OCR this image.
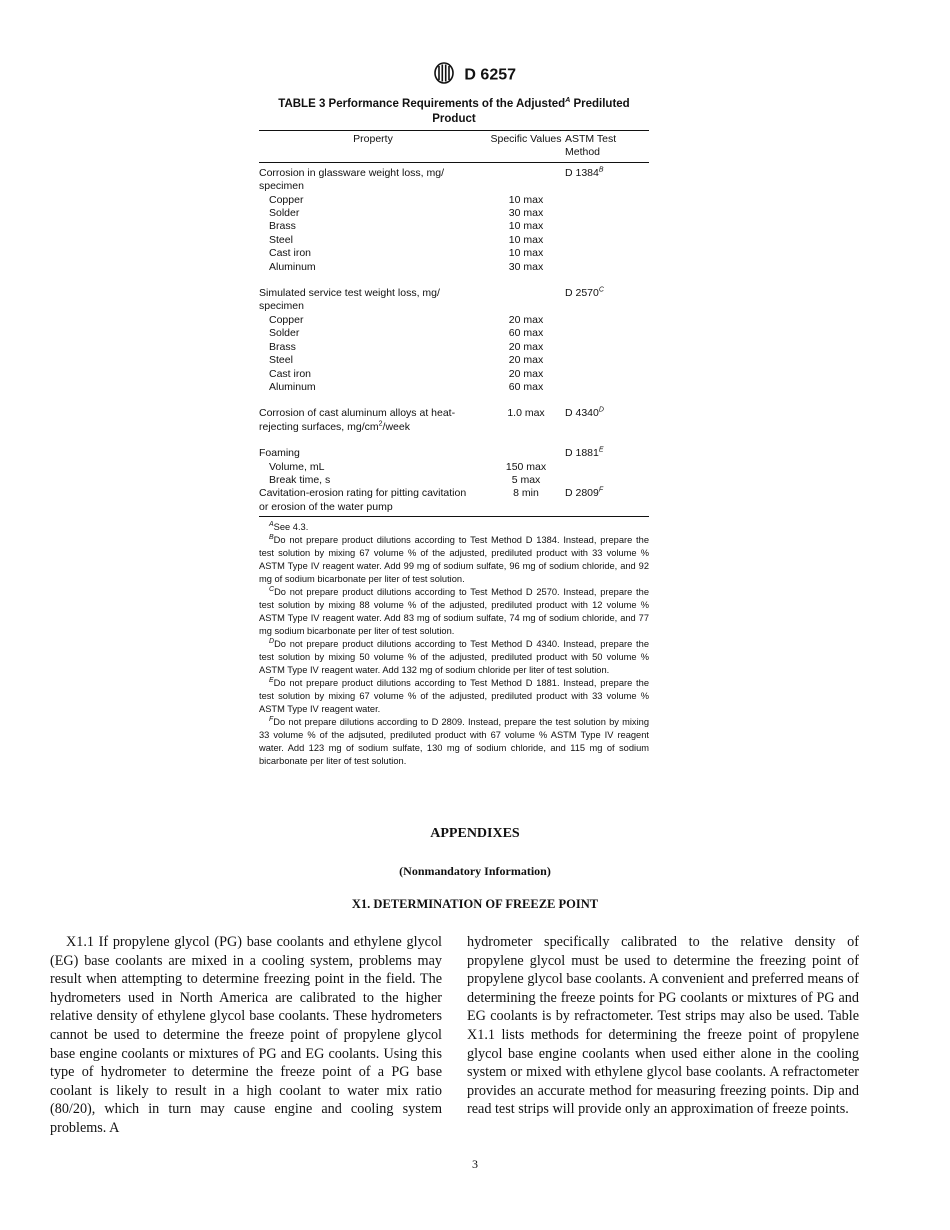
D 6257
TABLE 3 Performance Requirements of the Adjusted$^A$ Prediluted
Product
Property	Specific Values	ASTM Test
Method
Corrosion in glassware weight loss, mg/
specimen		D $1384^B$
Copper	10 max	
Solder	30 max	
Brass	10 max	
Steel	10 max	
Cast iron	10 max	
Aluminum	30 max	
Simulated service test weight loss, mg/
specimen		D $2570^C$
Copper	20 max	
Solder	60 max	
Brass	20 max	
Steel	20 max	
Cast iron	20 max	
Aluminum	60 max	
Corrosion of cast aluminum alloys at heat-
rejecting surfaces, $mg/cm^2$/week	1.0 max	D $4340^D$
Foaming		D $1881^E$
Volume, mL	150 max	
Break time, s	5 max	
Cavitation-erosion rating for pitting cavitation
or erosion of the water pump	8 min	D $2809^F$

$^A$See 4.3.

$^B$Do not prepare product dilutions according to Test Method D 1384. Instead, prepare the test solution by mixing 67 volume % of the adjusted, prediluted product with 33 volume % ASTM Type IV reagent water. Add 99 mg of sodium sulfate, 96 mg of sodium chloride, and 92 mg of sodium bicarbonate per liter of test solution.

$^C$Do not prepare product dilutions according to Test Method D 2570. Instead, prepare the test solution by mixing 88 volume % of the adjusted, prediluted product with 12 volume % ASTM Type IV reagent water. Add 83 mg of sodium sulfate, 74 mg of sodium chloride, and 77 mg sodium bicarbonate per liter of test solution.

$^D$Do not prepare product dilutions according to Test Method D 4340. Instead, prepare the test solution by mixing 50 volume % of the adjusted, prediluted product with 50 volume % ASTM Type IV reagent water. Add 132 mg of sodium chloride per liter of test solution.

$^E$Do not prepare product dilutions according to Test Method D 1881. Instead, prepare the test solution by mixing 67 volume % of the adjusted, prediluted product with 33 volume % ASTM Type IV reagent water.

$^F$Do not prepare dilutions according to D 2809. Instead, prepare the test solution by mixing 33 volume % of the adjsuted, prediluted product with 67 volume % ASTM Type IV reagent water. Add 123 mg of sodium sulfate, 130 mg of sodium chloride, and 115 mg of sodium bicarbonate per liter of test solution.

APPENDIXES
(Nonmandatory Information)
X1. DETERMINATION OF FREEZE POINT

X1.1 If propylene glycol (PG) base coolants and ethylene glycol (EG) base coolants are mixed in a cooling system, problems may result when attempting to determine freezing point in the field. The hydrometers used in North America are calibrated to the higher relative density of ethylene glycol base coolants. These hydrometers cannot be used to determine the freeze point of propylene glycol base engine coolants or mixtures of PG and EG coolants. Using this type of hydrometer to determine the freeze point of a PG base coolant is likely to result in a high coolant to water mix ratio (80/20), which in turn may cause engine and cooling system problems. A

hydrometer specifically calibrated to the relative density of propylene glycol must be used to determine the freezing point of propylene glycol base coolants. A convenient and preferred means of determining the freeze points for PG coolants or mixtures of PG and EG coolants is by refractometer. Test strips may also be used. Table X1.1 lists methods for determining the freeze point of propylene glycol base engine coolants when used either alone in the cooling system or mixed with ethylene glycol base coolants. A refractometer provides an accurate method for measuring freezing points. Dip and read test strips will provide only an approximation of freeze points.

3
